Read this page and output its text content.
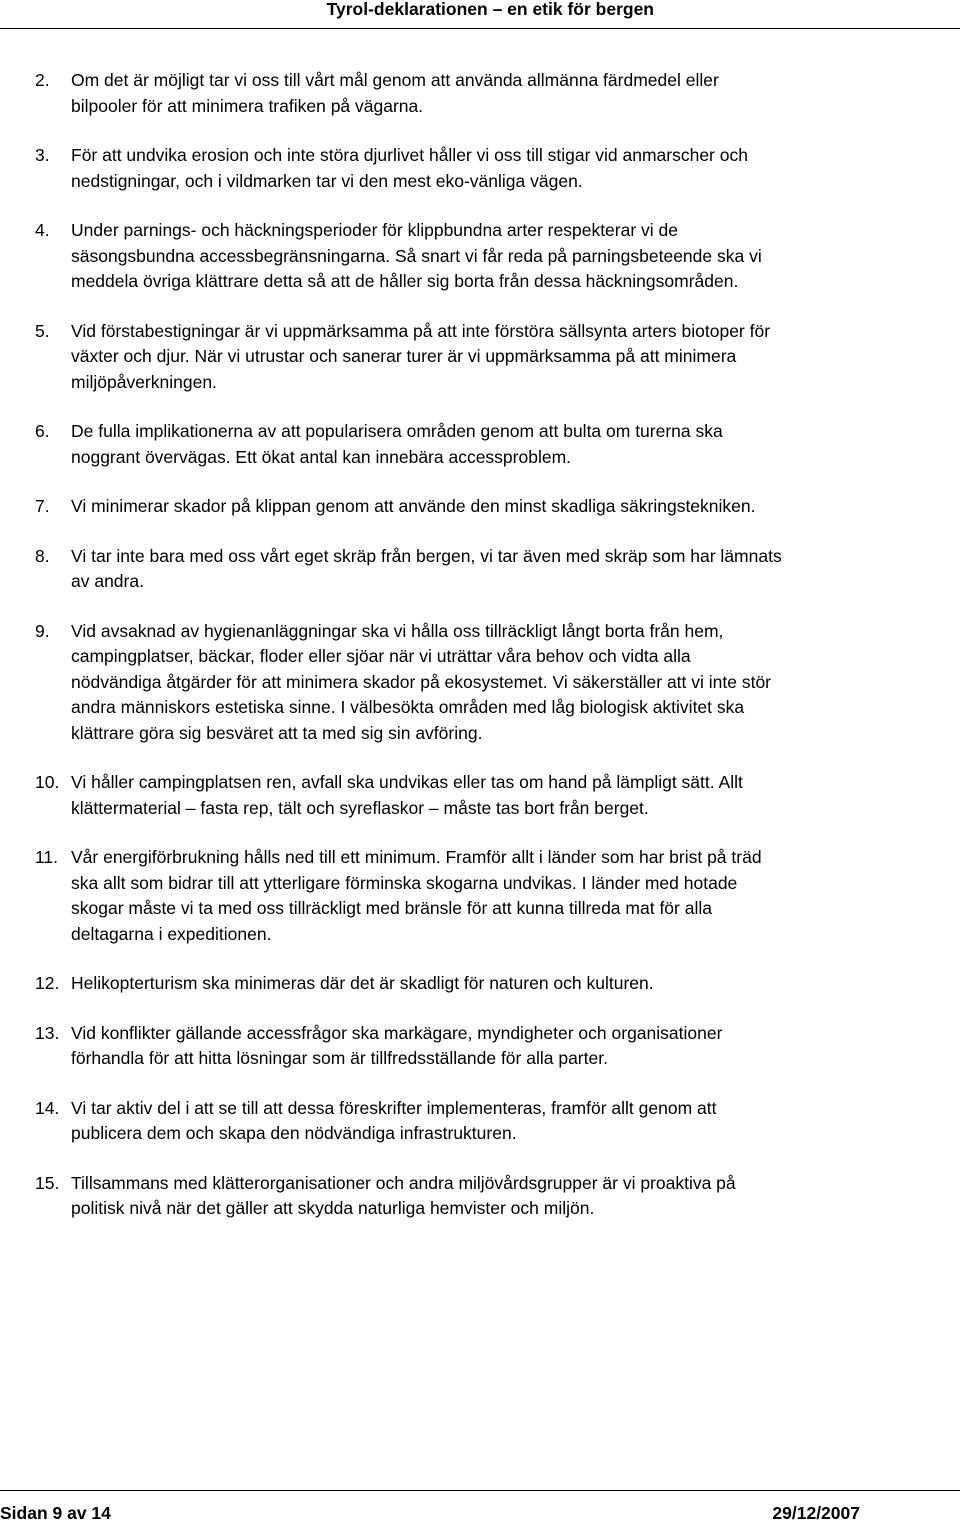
Tyrol-deklarationen – en etik för bergen
2. Om det är möjligt tar vi oss till vårt mål genom att använda allmänna färdmedel eller
bilpooler för att minimera trafiken på vägarna.
3. För att undvika erosion och inte störa djurlivet håller vi oss till stigar vid anmarscher och
nedstigningar, och i vildmarken tar vi den mest eko-vänliga vägen.
4. Under parnings- och häckningsperioder för klippbundna arter respekterar vi de
säsongsbundna accessbegränsningarna. Så snart vi får reda på parningsbeteende ska vi
meddela övriga klättrare detta så att de håller sig borta från dessa häckningsområden.
5. Vid förstabestigningar är vi uppmärksamma på att inte förstöra sällsynta arters biotoper för
växter och djur. När vi utrustar och sanerar turer är vi uppmärksamma på att minimera
miljöpåverkningen.
6. De fulla implikationerna av att popularisera områden genom att bulta om turerna ska
noggrant övervägas. Ett ökat antal kan innebära accessproblem.
7. Vi minimerar skador på klippan genom att använde den minst skadliga säkringstekniken.
8. Vi tar inte bara med oss vårt eget skräp från bergen, vi tar även med skräp som har lämnats
av andra.
9. Vid avsaknad av hygienanläggningar ska vi hålla oss tillräckligt långt borta från hem,
campingplatser, bäckar, floder eller sjöar när vi uträttar våra behov och vidta alla
nödvändiga åtgärder för att minimera skador på ekosystemet. Vi säkerställer att vi inte stör
andra människors estetiska sinne. I välbesökta områden med låg biologisk aktivitet ska
klättrare göra sig besväret att ta med sig sin avföring.
10. Vi håller campingplatsen ren, avfall ska undvikas eller tas om hand på lämpligt sätt. Allt
klättermaterial – fasta rep, tält och syreflaskor – måste tas bort från berget.
11. Vår energiförbrukning hålls ned till ett minimum. Framför allt i länder som har brist på träd
ska allt som bidrar till att ytterligare förminska skogarna undvikas. I länder med hotade
skogar måste vi ta med oss tillräckligt med bränsle för att kunna tillreda mat för alla
deltagarna i expeditionen.
12. Helikopterturism ska minimeras där det är skadligt för naturen och kulturen.
13. Vid konflikter gällande accessfrågor ska markägare, myndigheter och organisationer
förhandla för att hitta lösningar som är tillfredsställande för alla parter.
14. Vi tar aktiv del i att se till att dessa föreskrifter implementeras, framför allt genom att
publicera dem och skapa den nödvändiga infrastrukturen.
15. Tillsammans med klätterorganisationer och andra miljövårdsgrupper är vi proaktiva på
politisk nivå när det gäller att skydda naturliga hemvister och miljön.
Sidan 9 av 14	29/12/2007
